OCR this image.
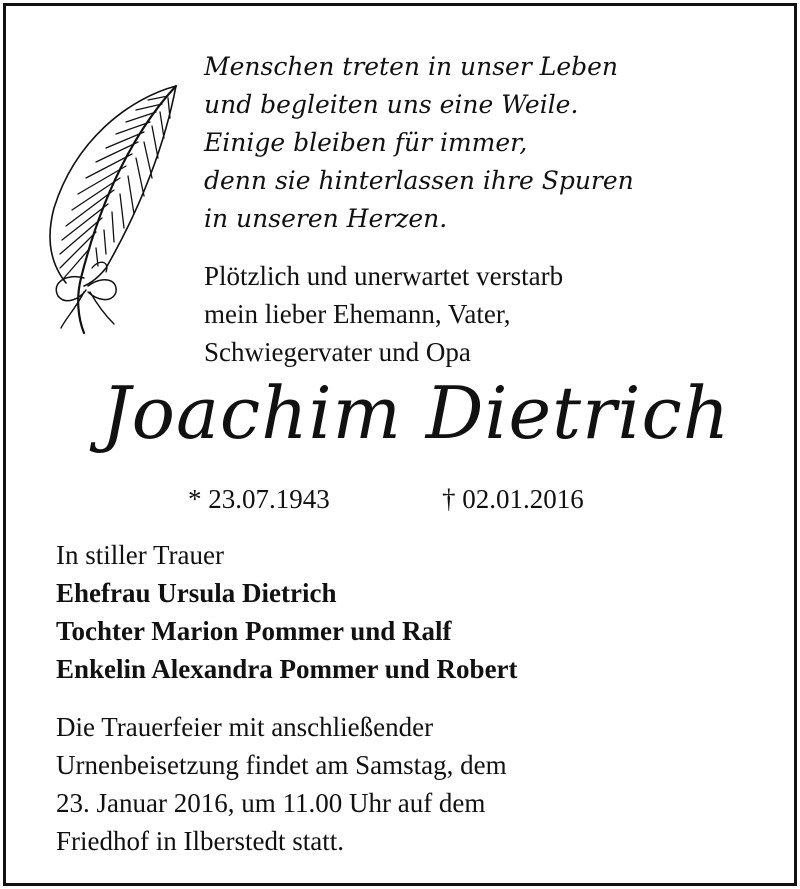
Menschen treten in unser Leben
und begleiten uns eine Weile.
Einige bleiben für immer,
denn sie hinterlassen ihre Spuren
in unseren Herzen.
Plötzlich und unerwartet verstarb
mein lieber Ehemann, Vater,
Schwiegervater und Opa
Joachim Dietrich
* 23.07.1943	† 02.01.2016
In stiller Trauer
Ehefrau Ursula Dietrich
Tochter Marion Pommer und Ralf
Enkelin Alexandra Pommer und Robert
Die Trauerfeier mit anschließender
Urnenbeisetzung findet am Samstag, dem
23. Januar 2016, um 11.00 Uhr auf dem
Friedhof in Ilberstedt statt.
